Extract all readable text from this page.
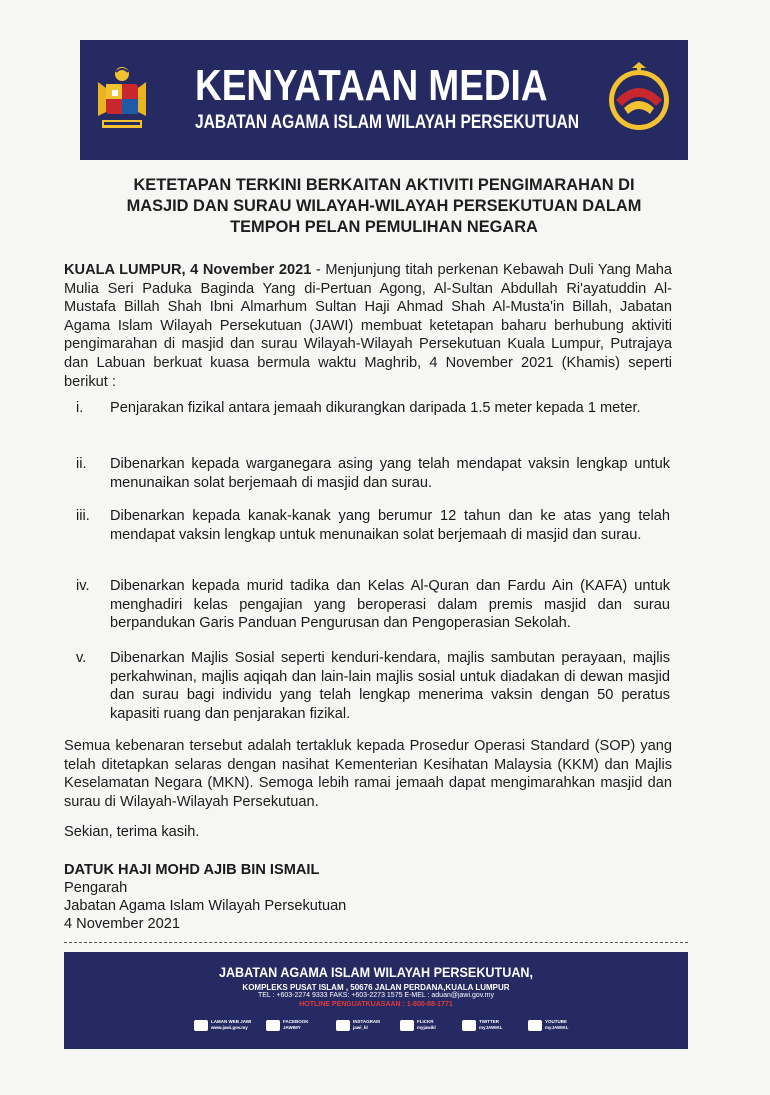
KENYATAAN MEDIA
JABATAN AGAMA ISLAM WILAYAH PERSEKUTUAN
KETETAPAN TERKINI BERKAITAN AKTIVITI PENGIMARAHAN DI
MASJID DAN SURAU WILAYAH-WILAYAH PERSEKUTUAN DALAM
TEMPOH PELAN PEMULIHAN NEGARA
KUALA LUMPUR, 4 November 2021 - Menjunjung titah perkenan Kebawah Duli Yang Maha Mulia Seri Paduka Baginda Yang di-Pertuan Agong, Al-Sultan Abdullah Ri'ayatuddin Al-Mustafa Billah Shah Ibni Almarhum Sultan Haji Ahmad Shah Al-Musta'in Billah, Jabatan Agama Islam Wilayah Persekutuan (JAWI) membuat ketetapan baharu berhubung aktiviti pengimarahan di masjid dan surau Wilayah-Wilayah Persekutuan Kuala Lumpur, Putrajaya dan Labuan berkuat kuasa bermula waktu Maghrib, 4 November 2021 (Khamis) seperti berikut :
i. Penjarakan fizikal antara jemaah dikurangkan daripada 1.5 meter kepada 1 meter.
ii. Dibenarkan kepada warganegara asing yang telah mendapat vaksin lengkap untuk menunaikan solat berjemaah di masjid dan surau.
iii. Dibenarkan kepada kanak-kanak yang berumur 12 tahun dan ke atas yang telah mendapat vaksin lengkap untuk menunaikan solat berjemaah di masjid dan surau.
iv. Dibenarkan kepada murid tadika dan Kelas Al-Quran dan Fardu Ain (KAFA) untuk menghadiri kelas pengajian yang beroperasi dalam premis masjid dan surau berpandukan Garis Panduan Pengurusan dan Pengoperasian Sekolah.
v. Dibenarkan Majlis Sosial seperti kenduri-kendara, majlis sambutan perayaan, majlis perkahwinan, majlis aqiqah dan lain-lain majlis sosial untuk diadakan di dewan masjid dan surau bagi individu yang telah lengkap menerima vaksin dengan 50 peratus kapasiti ruang dan penjarakan fizikal.
Semua kebenaran tersebut adalah tertakluk kepada Prosedur Operasi Standard (SOP) yang telah ditetapkan selaras dengan nasihat Kementerian Kesihatan Malaysia (KKM) dan Majlis Keselamatan Negara (MKN). Semoga lebih ramai jemaah dapat mengimarahkan masjid dan surau di Wilayah-Wilayah Persekutuan.
Sekian, terima kasih.
DATUK HAJI MOHD AJIB BIN ISMAIL
Pengarah
Jabatan Agama Islam Wilayah Persekutuan
4 November 2021
JABATAN AGAMA ISLAM WILAYAH PERSEKUTUAN,
KOMPLEKS PUSAT ISLAM , 50676 JALAN PERDANA,KUALA LUMPUR
TEL : +603-2274 9333 FAKS: +603-2273 1575 E-MEL : aduan@jawi.gov.my
HOTLINE PENGUATKUASAAN : 1-800-88-1771
LAMAN WEB JAWI
www.jawi.gov.my
FACEBOOK
JAWIMY
INSTAGRAM
jawi_kl
FLICKR
myjawikl
TWITTER
myJAWIKL
YOUTUBE
myJAWIKL
